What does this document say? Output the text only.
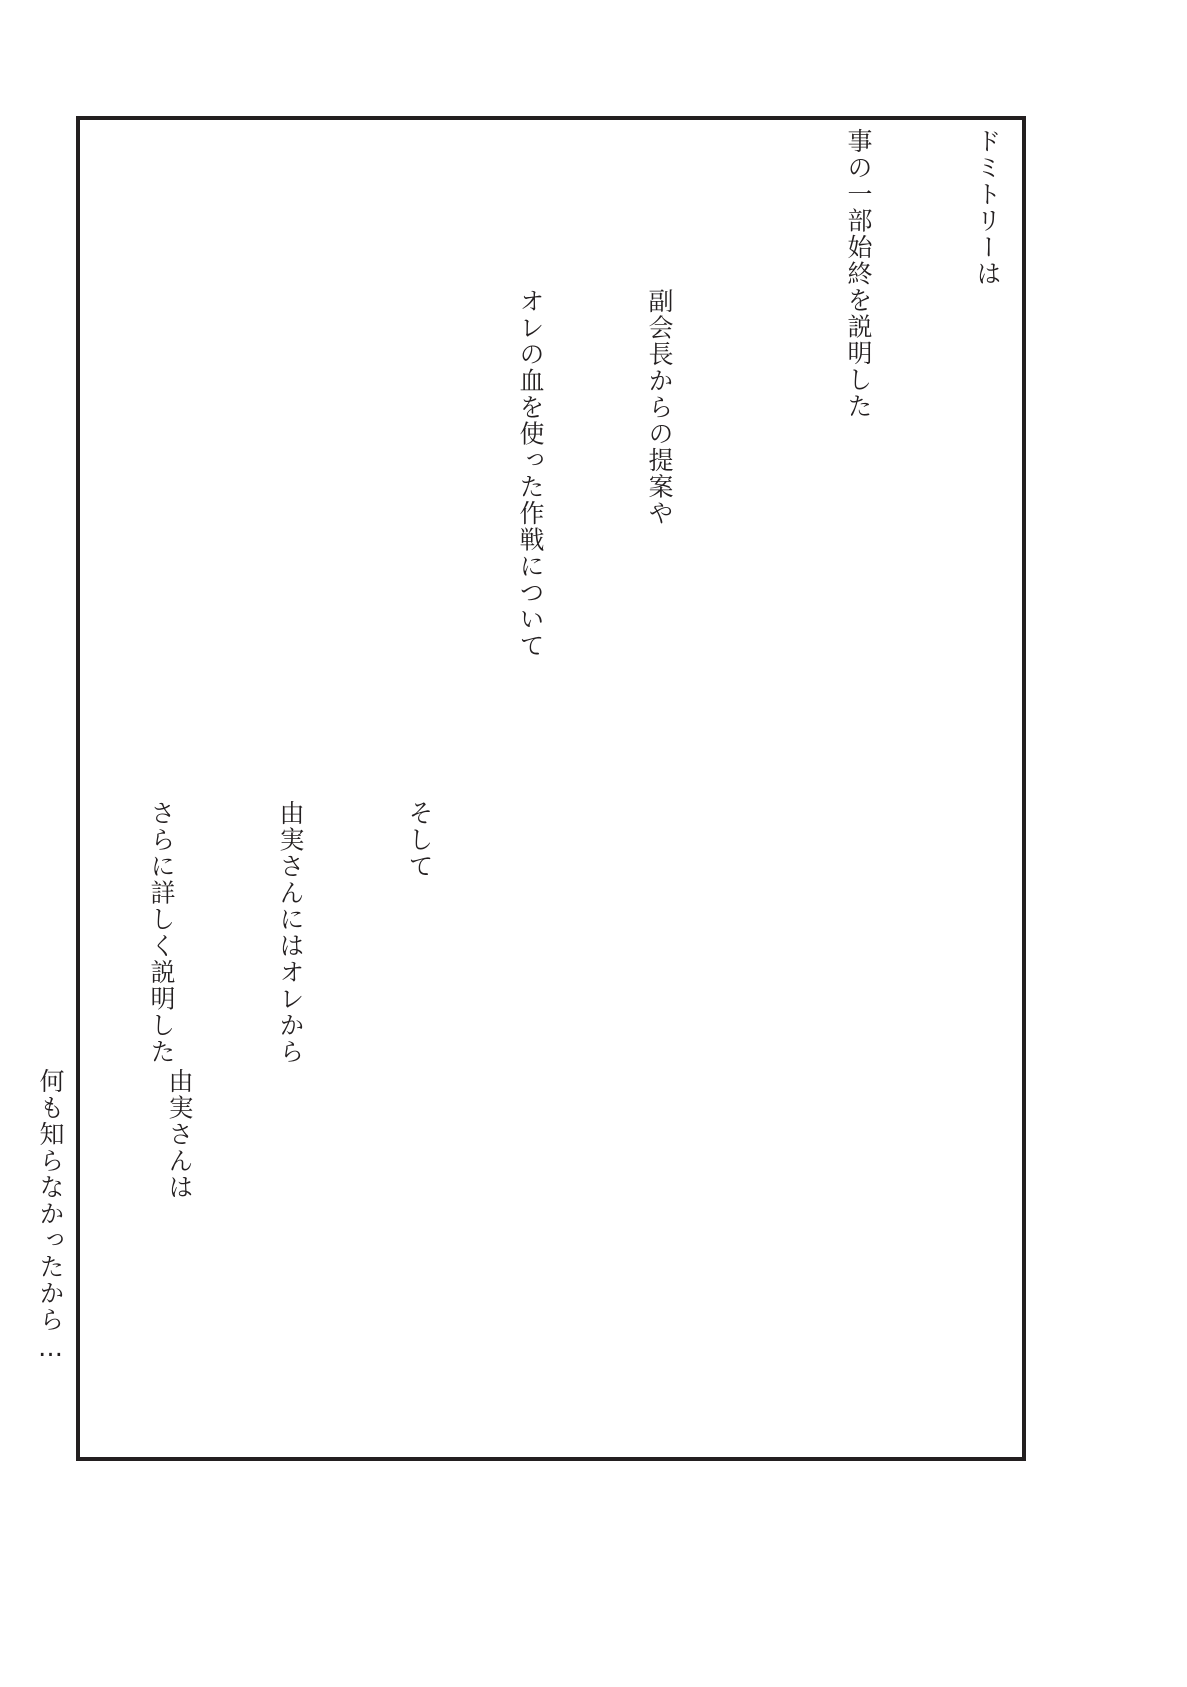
ドミトリーは

事の一部始終を説明した

副会長からの提案や

オレの血を使った作戦について

そして

由実さんにはオレから

さらに詳しく説明した

由実さんは

何も知らなかったから…
